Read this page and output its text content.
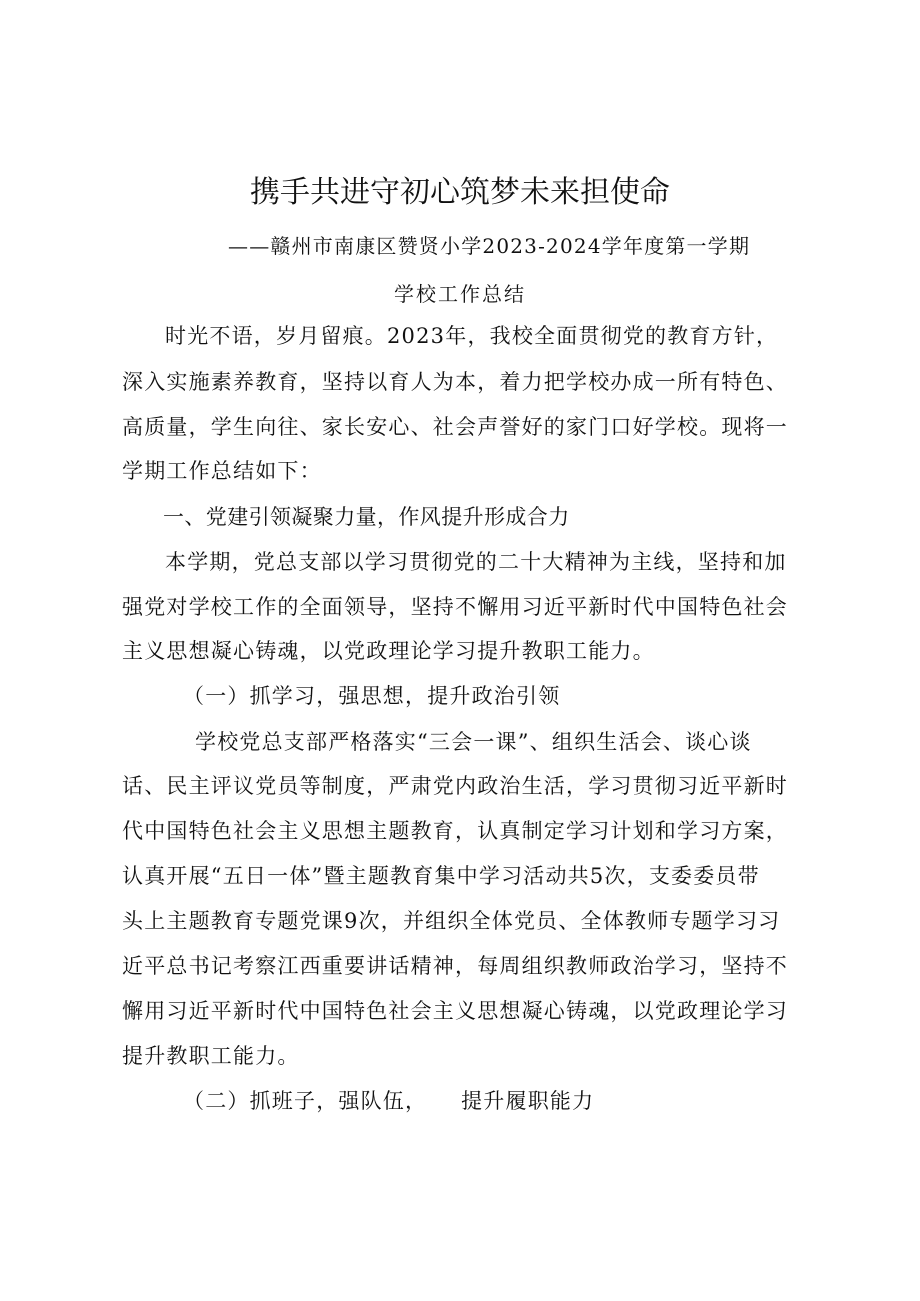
携手共进守初心筑梦未来担使命
——赣州市南康区赞贤小学2023-2024学年度第一学期
学校工作总结
时光不语，岁月留痕。2023年，我校全面贯彻党的教育方针，
深入实施素养教育，坚持以育人为本，着力把学校办成一所有特色、
高质量，学生向往、家长安心、社会声誉好的家门口好学校。现将一
学期工作总结如下：
一、党建引领凝聚力量，作风提升形成合力
本学期，党总支部以学习贯彻党的二十大精神为主线，坚持和加
强党对学校工作的全面领导，坚持不懈用习近平新时代中国特色社会
主义思想凝心铸魂，以党政理论学习提升教职工能力。
（一）抓学习，强思想，提升政治引领
学校党总支部严格落实“三会一课”、组织生活会、谈心谈
话、民主评议党员等制度，严肃党内政治生活，学习贯彻习近平新时
代中国特色社会主义思想主题教育，认真制定学习计划和学习方案，
认真开展“五日一体”暨主题教育集中学习活动共5次，支委委员带
头上主题教育专题党课9次，并组织全体党员、全体教师专题学习习
近平总书记考察江西重要讲话精神，每周组织教师政治学习，坚持不
懈用习近平新时代中国特色社会主义思想凝心铸魂，以党政理论学习
提升教职工能力。
（二）抓班子，强队伍，　　提升履职能力
